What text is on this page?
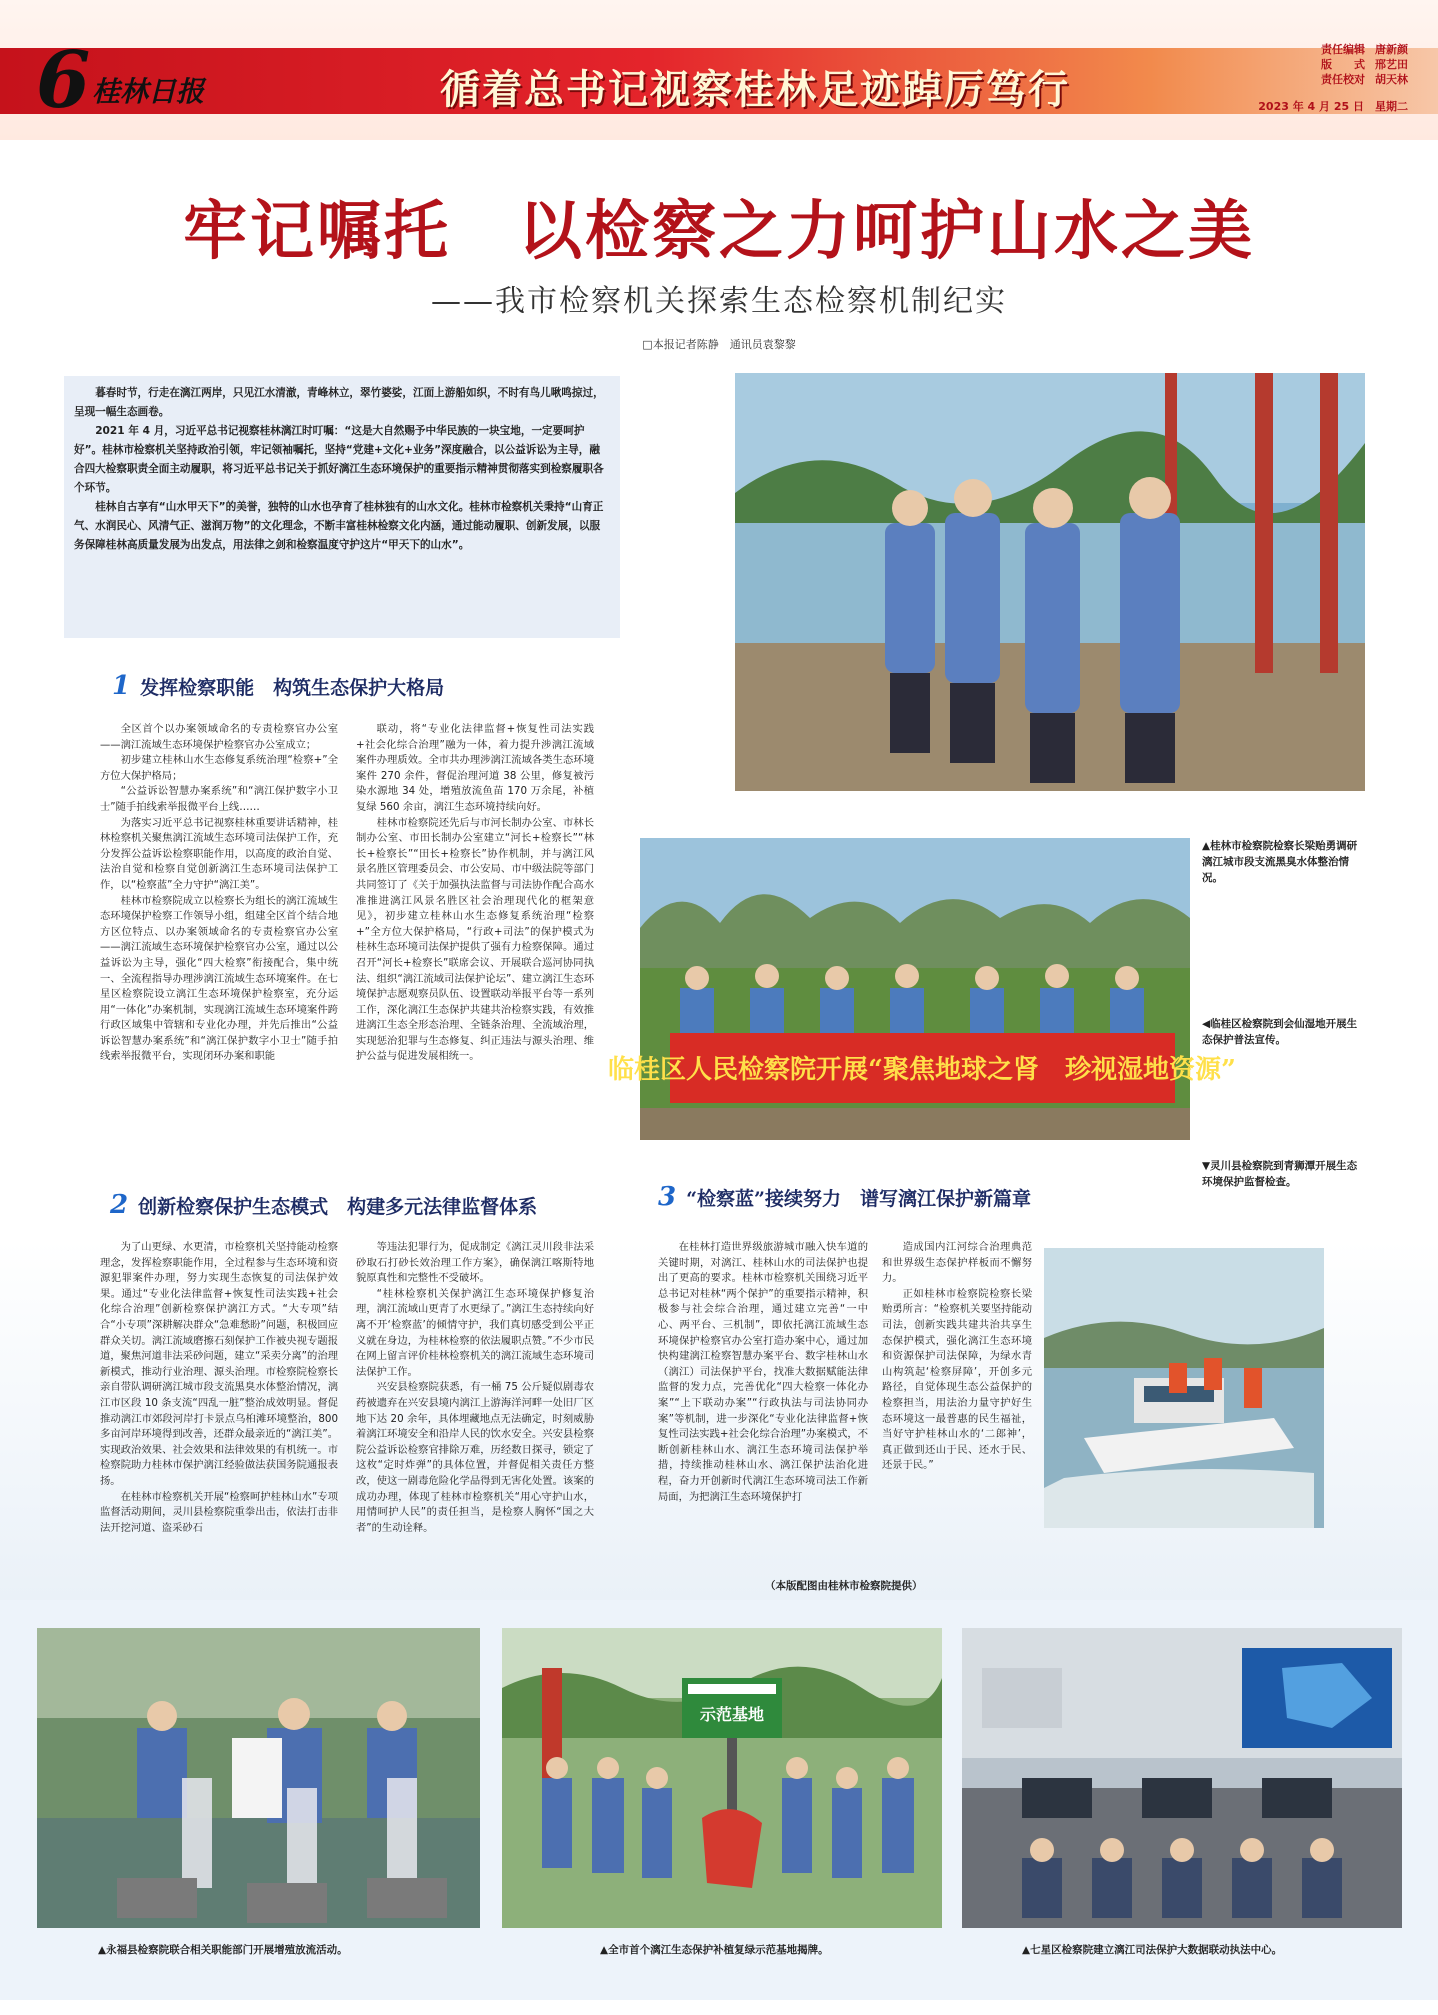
6 桂林日报	循着总书记视察桂林足迹踔厉笃行
责任编辑 唐新颜
版　　式 邢艺田
责任校对 胡天林
2023 年 4 月 25 日　星期二
牢记嘱托　以检察之力呵护山水之美
——我市检察机关探索生态检察机制纪实
□本报记者陈静　通讯员袁黎黎

暮春时节，行走在漓江两岸，只见江水清澈，青峰林立，翠竹婆娑，江面上游船如织，不时有鸟儿啾鸣掠过，呈现一幅生态画卷。

2021 年 4 月，习近平总书记视察桂林漓江时叮嘱：“这是大自然赐予中华民族的一块宝地，一定要呵护好”。桂林市检察机关坚持政治引领，牢记领袖嘱托，坚持“党建+文化+业务”深度融合，以公益诉讼为主导，融合四大检察职责全面主动履职，将习近平总书记关于抓好漓江生态环境保护的重要指示精神贯彻落实到检察履职各个环节。

桂林自古享有“山水甲天下”的美誉，独特的山水也孕育了桂林独有的山水文化。桂林市检察机关秉持“山育正气、水润民心、风清气正、滋润万物”的文化理念，不断丰富桂林检察文化内涵，通过能动履职、创新发展，以服务保障桂林高质量发展为出发点，用法律之剑和检察温度守护这片“甲天下的山水”。

▲桂林市检察院检察长梁贻勇调研漓江城市段支流黑臭水体整治情况。
1 发挥检察职能　构筑生态保护大格局

全区首个以办案领域命名的专责检察官办公室——漓江流域生态环境保护检察官办公室成立；

初步建立桂林山水生态修复系统治理“检察+”全方位大保护格局；

“公益诉讼智慧办案系统”和“漓江保护数字小卫士”随手拍线索举报微平台上线……

为落实习近平总书记视察桂林重要讲话精神，桂林检察机关聚焦漓江流域生态环境司法保护工作，充分发挥公益诉讼检察职能作用，以高度的政治自觉、法治自觉和检察自觉创新漓江生态环境司法保护工作，以“检察蓝”全力守护“漓江美”。

桂林市检察院成立以检察长为组长的漓江流域生态环境保护检察工作领导小组，组建全区首个结合地方区位特点、以办案领域命名的专责检察官办公室——漓江流域生态环境保护检察官办公室，通过以公益诉讼为主导，强化“四大检察”衔接配合，集中统一、全流程指导办理涉漓江流域生态环境案件。在七星区检察院设立漓江生态环境保护检察室，充分运用“一体化”办案机制，实现漓江流域生态环境案件跨行政区域集中管辖和专业化办理，并先后推出“公益诉讼智慧办案系统”和“漓江保护数字小卫士”随手拍线索举报微平台，实现闭环办案和职能

联动，将“专业化法律监督+恢复性司法实践+社会化综合治理”融为一体，着力提升涉漓江流域案件办理质效。全市共办理涉漓江流域各类生态环境案件 270 余件，督促治理河道 38 公里，修复被污染水源地 34 处，增殖放流鱼苗 170 万余尾，补植复绿 560 余亩，漓江生态环境持续向好。

桂林市检察院还先后与市河长制办公室、市林长制办公室、市田长制办公室建立“河长+检察长”“林长+检察长”“田长+检察长”协作机制，并与漓江风景名胜区管理委员会、市公安局、市中级法院等部门共同签订了《关于加强执法监督与司法协作配合高水准推进漓江风景名胜区社会治理现代化的框架意见》，初步建立桂林山水生态修复系统治理“检察+”全方位大保护格局，“行政+司法”的保护模式为桂林生态环境司法保护提供了强有力检察保障。通过召开“河长+检察长”联席会议、开展联合巡河协同执法、组织“漓江流域司法保护论坛”、建立漓江生态环境保护志愿观察员队伍、设置联动举报平台等一系列工作，深化漓江生态保护共建共治检察实践，有效推进漓江生态全形态治理、全链条治理、全流域治理，实现惩治犯罪与生态修复、纠正违法与源头治理、维护公益与促进发展相统一。	临桂区人民检察院开展“聚焦地球之肾　珍视湿地资源”
◀临桂区检察院到会仙湿地开展生态保护普法宣传。
▼灵川县检察院到青狮潭开展生态环境保护监督检查。
2 创新检察保护生态模式　构建多元法律监督体系

为了山更绿、水更清，市检察机关坚持能动检察理念，发挥检察职能作用，全过程参与生态环境和资源犯罪案件办理，努力实现生态恢复的司法保护效果。通过“专业化法律监督+恢复性司法实践+社会化综合治理”创新检察保护漓江方式。“大专项”结合“小专项”深耕解决群众“急难愁盼”问题，积极回应群众关切。漓江流域磨擦石刻保护工作被央视专题报道，聚焦河道非法采砂问题，建立“采卖分离”的治理新模式，推动行业治理、源头治理。市检察院检察长亲自带队调研漓江城市段支流黑臭水体整治情况，漓江市区段 10 条支流“四乱一脏”整治成效明显。督促推动漓江市郊段河岸打卡景点乌桕滩环境整治，800 多亩河岸环境得到改善，还群众最亲近的“漓江美”。实现政治效果、社会效果和法律效果的有机统一。市检察院助力桂林市保护漓江经验做法获国务院通报表扬。

在桂林市检察机关开展“检察呵护桂林山水”专项监督活动期间，灵川县检察院重拳出击，依法打击非法开挖河道、盗采砂石

等违法犯罪行为，促成制定《漓江灵川段非法采砂取石打砂长效治理工作方案》，确保漓江喀斯特地貌原真性和完整性不受破坏。

“桂林检察机关保护漓江生态环境保护修复治理，漓江流域山更青了水更绿了。”漓江生态持续向好离不开‘检察蓝’的倾情守护，我们真切感受到公平正义就在身边，为桂林检察的依法履职点赞。”不少市民在网上留言评价桂林检察机关的漓江流域生态环境司法保护工作。

兴安县检察院获悉，有一桶 75 公斤疑似剧毒农药被遗弃在兴安县境内漓江上游海洋河畔一处旧厂区地下达 20 余年，具体埋藏地点无法确定，时刻威胁着漓江环境安全和沿岸人民的饮水安全。兴安县检察院公益诉讼检察官排除万难，历经数日探寻，锁定了这枚“定时炸弹”的具体位置，并督促相关责任方整改，使这一剧毒危险化学品得到无害化处置。该案的成功办理，体现了桂林市检察机关“用心守护山水，用情呵护人民”的责任担当，是检察人胸怀“国之大者”的生动诠释。

3 “检察蓝”接续努力　谱写漓江保护新篇章

在桂林打造世界级旅游城市融入快车道的关键时期，对漓江、桂林山水的司法保护也提出了更高的要求。桂林市检察机关围绕习近平总书记对桂林“两个保护”的重要指示精神，积极参与社会综合治理，通过建立完善“一中心、两平台、三机制”，即依托漓江流域生态环境保护检察官办公室打造办案中心，通过加快构建漓江检察智慧办案平台、数字桂林山水（漓江）司法保护平台，找准大数据赋能法律监督的发力点，完善优化“四大检察一体化办案”“上下联动办案”“行政执法与司法协同办案”等机制，进一步深化“专业化法律监督+恢复性司法实践+社会化综合治理”办案模式，不断创新桂林山水、漓江生态环境司法保护举措，持续推动桂林山水、漓江保护法治化进程，奋力开创新时代漓江生态环境司法工作新局面，为把漓江生态环境保护打

造成国内江河综合治理典范和世界级生态保护样板而不懈努力。

正如桂林市检察院检察长梁贻勇所言：“检察机关要坚持能动司法，创新实践共建共治共享生态保护模式，强化漓江生态环境和资源保护司法保障，为绿水青山构筑起‘检察屏障’，开创多元路径，自觉体现生态公益保护的检察担当，用法治力量守护好生态环境这一最普惠的民生福祉，当好守护桂林山水的‘二郎神’，真正做到还山于民、还水于民、还景于民。”

（本版配图由桂林市检察院提供）
▲永福县检察院联合相关职能部门开展增殖放流活动。
示范基地
▲全市首个漓江生态保护补植复绿示范基地揭牌。	▲七星区检察院建立漓江司法保护大数据联动执法中心。
